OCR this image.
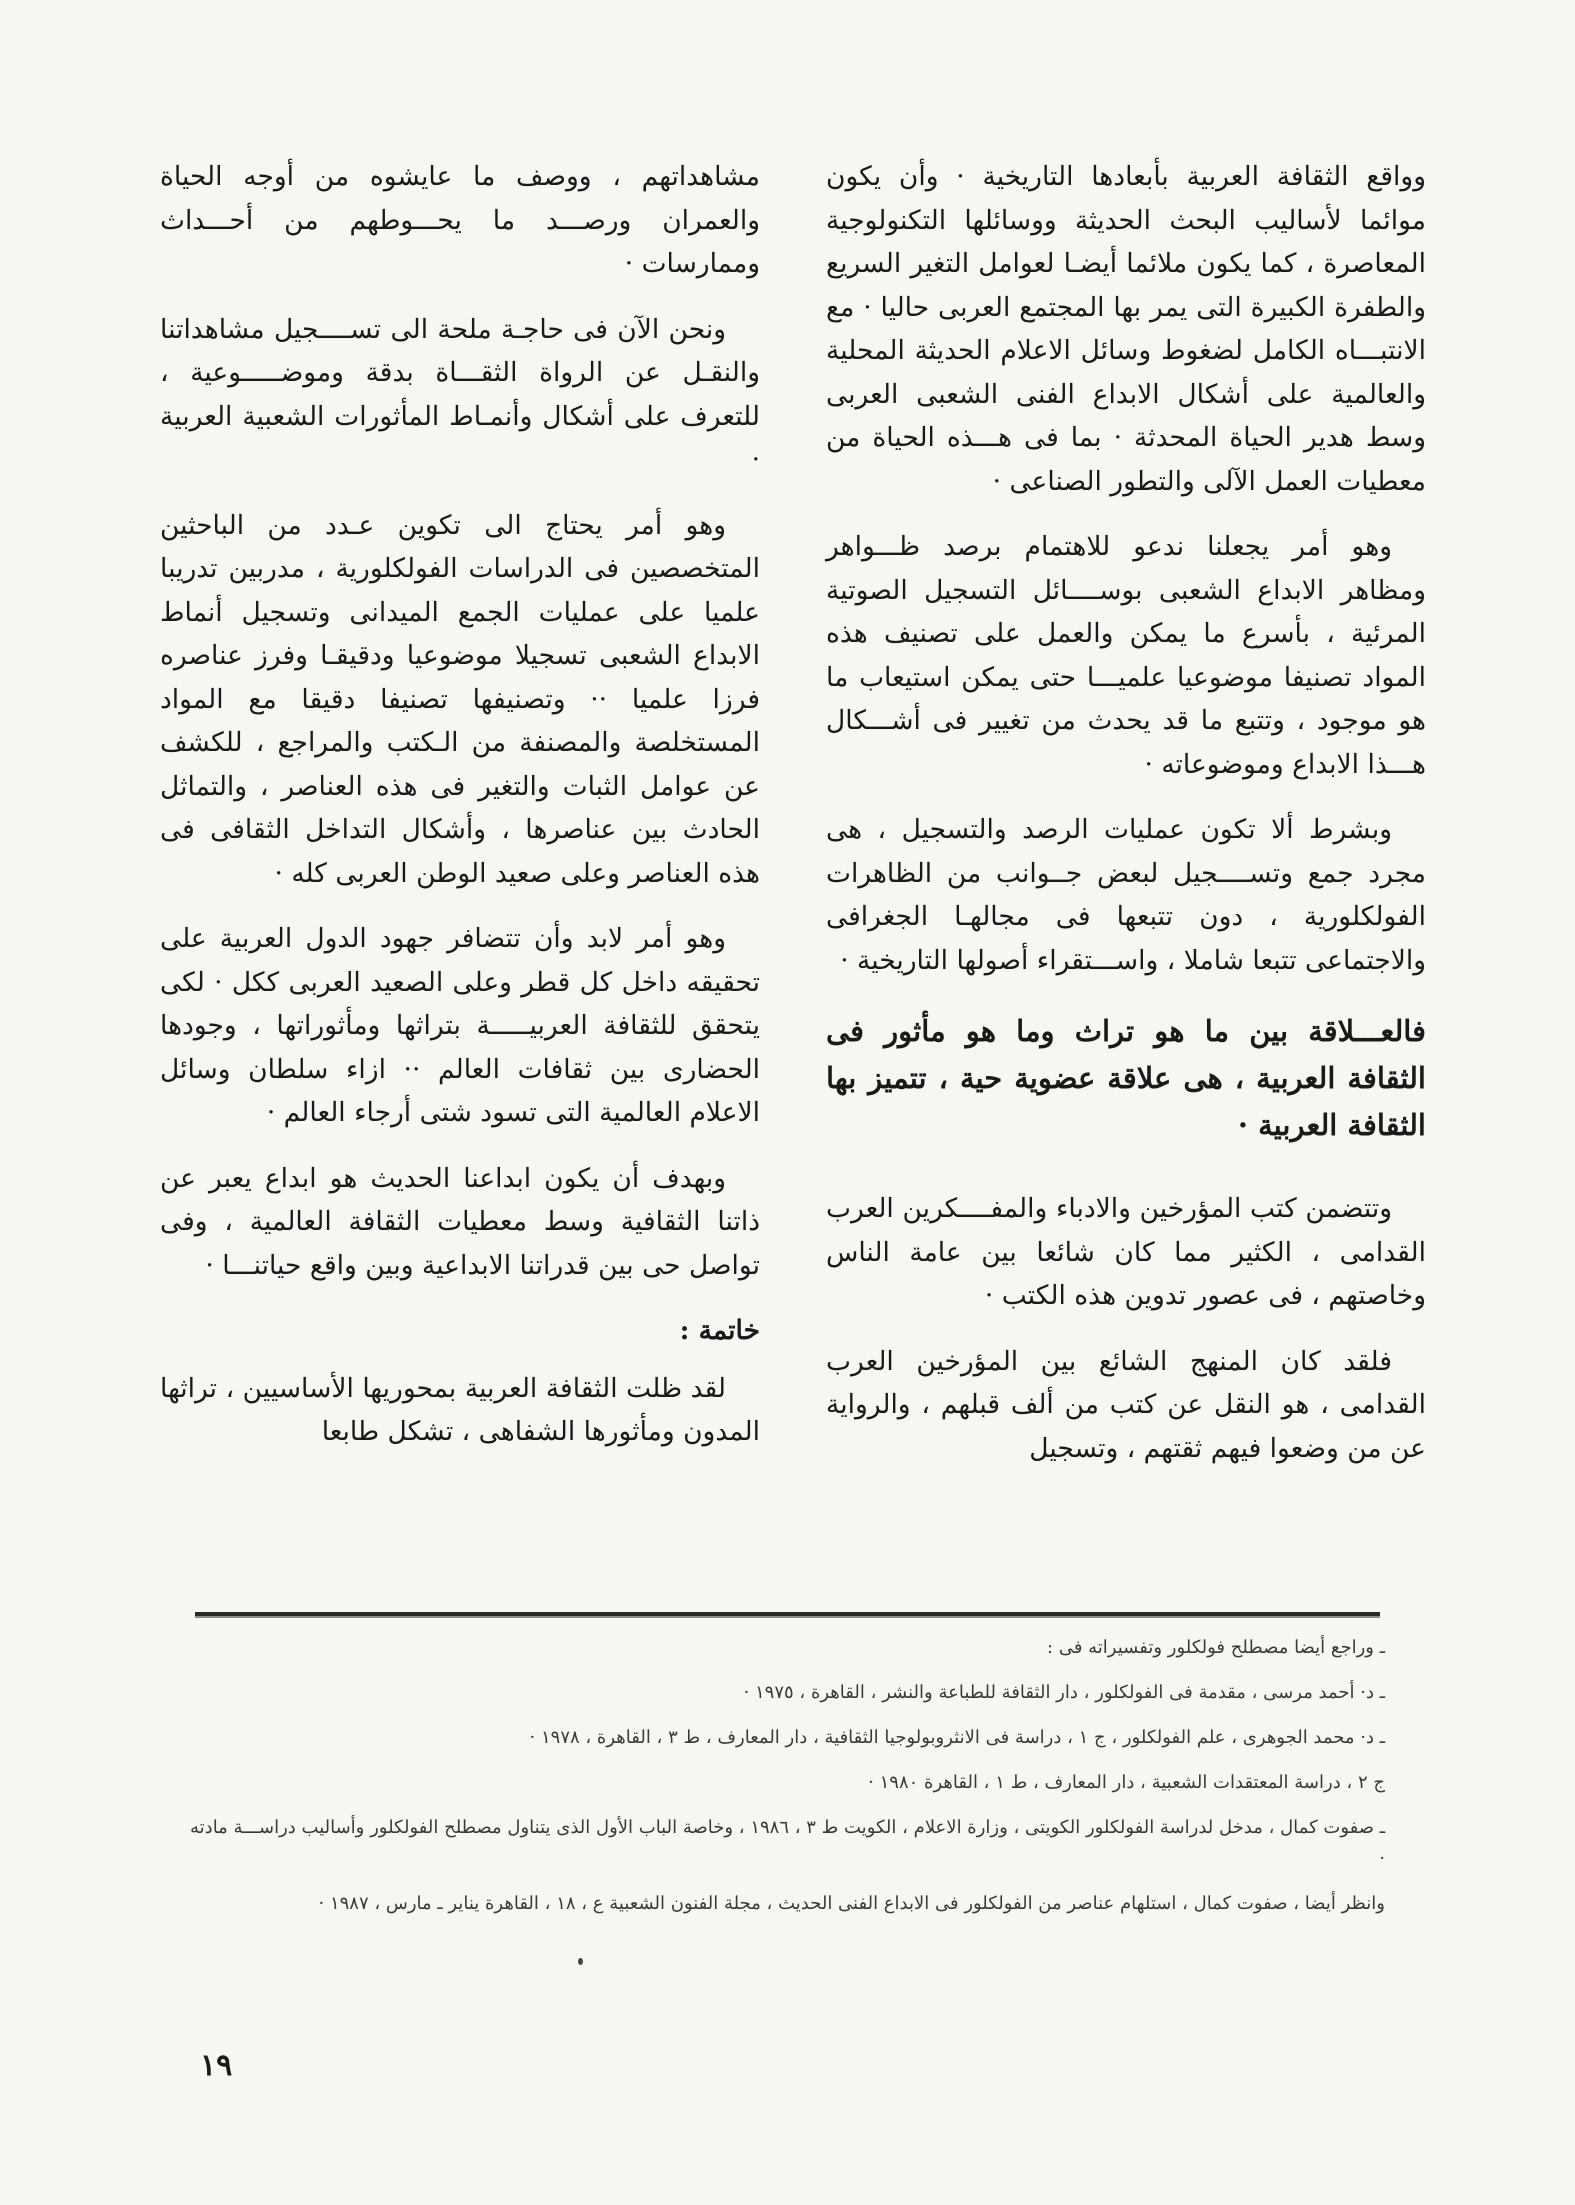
وواقع الثقافة العربية بأبعادها التاريخية · وأن يكون موائما لأساليب البحث الحديثة ووسائلها التكنولوجية المعاصرة ، كما يكون ملائما أيضـا لعوامل التغير السريع والطفرة الكبيرة التى يمر بها المجتمع العربى حاليا · مع الانتبـــاه الكامل لضغوط وسائل الاعلام الحديثة المحلية والعالمية على أشكال الابداع الفنى الشعبى العربى وسط هدير الحياة المحدثة · بما فى هـــذه الحياة من معطيات العمل الآلى والتطور الصناعى ·

وهو أمر يجعلنا ندعو للاهتمام برصد ظـــواهر ومظاهر الابداع الشعبى بوســــائل التسجيل الصوتية المرئية ، بأسرع ما يمكن والعمل على تصنيف هذه المواد تصنيفا موضوعيا علميـــا حتى يمكن استيعاب ما هو موجود ، وتتبع ما قد يحدث من تغيير فى أشـــكال هـــذا الابداع وموضوعاته ·

وبشرط ألا تكون عمليات الرصد والتسجيل ، هى مجرد جمع وتســــجيل لبعض جــوانب من الظاهرات الفولكلورية ، دون تتبعها فى مجالهـا الجغرافى والاجتماعى تتبعا شاملا ، واســـتقراء أصولها التاريخية ·

فالعـــلاقة بين ما هو تراث وما هو مأثور فى الثقافة العربية ، هى علاقة عضوية حية ، تتميز بها الثقافة العربية ·

وتتضمن كتب المؤرخين والادباء والمفــــكرين العرب القدامى ، الكثير مما كان شائعا بين عامة الناس وخاصتهم ، فى عصور تدوين هذه الكتب ·

فلقد كان المنهج الشائع بين المؤرخين العرب القدامى ، هو النقل عن كتب من ألف قبلهم ، والرواية عن من وضعوا فيهم ثقتهم ، وتسجيل

مشاهداتهم ، ووصف ما عايشوه من أوجه الحياة والعمران ورصـــد ما يحـــوطهم من أحـــداث وممارسات ·

ونحن الآن فى حاجـة ملحة الى تســــجيل مشاهداتنا والنقـل عن الرواة الثقـــاة بدقة وموضـــــوعية ، للتعرف على أشكال وأنمـاط المأثورات الشعبية العربية ·

وهو أمر يحتاج الى تكوين عـدد من الباحثين المتخصصين فى الدراسات الفولكلورية ، مدربين تدريبا علميا على عمليات الجمع الميدانى وتسجيل أنماط الابداع الشعبى تسجيلا موضوعيا ودقيقـا وفرز عناصره فرزا علميا ·· وتصنيفها تصنيفا دقيقا مع المواد المستخلصة والمصنفة من الـكتب والمراجع ، للكشف عن عوامل الثبات والتغير فى هذه العناصر ، والتماثل الحادث بين عناصرها ، وأشكال التداخل الثقافى فى هذه العناصر وعلى صعيد الوطن العربى كله ·

وهو أمر لابد وأن تتضافر جهود الدول العربية على تحقيقه داخل كل قطر وعلى الصعيد العربى ككل · لكى يتحقق للثقافة العربيـــــة بتراثها ومأثوراتها ، وجودها الحضارى بين ثقافات العالم ·· ازاء سلطان وسائل الاعلام العالمية التى تسود شتى أرجاء العالم ·

وبهدف أن يكون ابداعنا الحديث هو ابداع يعبر عن ذاتنا الثقافية وسط معطيات الثقافة العالمية ، وفى تواصل حى بين قدراتنا الابداعية وبين واقع حياتنـــا ·

خاتمة :

لقد ظلت الثقافة العربية بمحوريها الأساسيين ، تراثها المدون ومأثورها الشفاهى ، تشكل طابعا

ـ وراجع أيضا مصطلح فولكلور وتفسيراته فى :

ـ د· أحمد مرسى ، مقدمة فى الفولكلور ، دار الثقافة للطباعة والنشر ، القاهرة ، ١٩٧٥ ·

ـ د· محمد الجوهرى ، علم الفولكلور ، ج ١ ، دراسة فى الانثروبولوجيا الثقافية ، دار المعارف ، ط ٣ ، القاهرة ، ١٩٧٨ ·

ج ٢ ، دراسة المعتقدات الشعبية ، دار المعارف ، ط ١ ، القاهرة ١٩٨٠ ·

ـ صفوت كمال ، مدخل لدراسة الفولكلور الكويتى ، وزارة الاعلام ، الكويت ط ٣ ، ١٩٨٦ ، وخاصة الباب الأول الذى يتناول مصطلح الفولكلور وأساليب دراســـة مادته ·

وانظر أيضا ، صفوت كمال ، استلهام عناصر من الفولكلور فى الابداع الفنى الحديث ، مجلة الفنون الشعبية ع ، ١٨ ، القاهرة يناير ـ مارس ، ١٩٨٧ ·

١٩
